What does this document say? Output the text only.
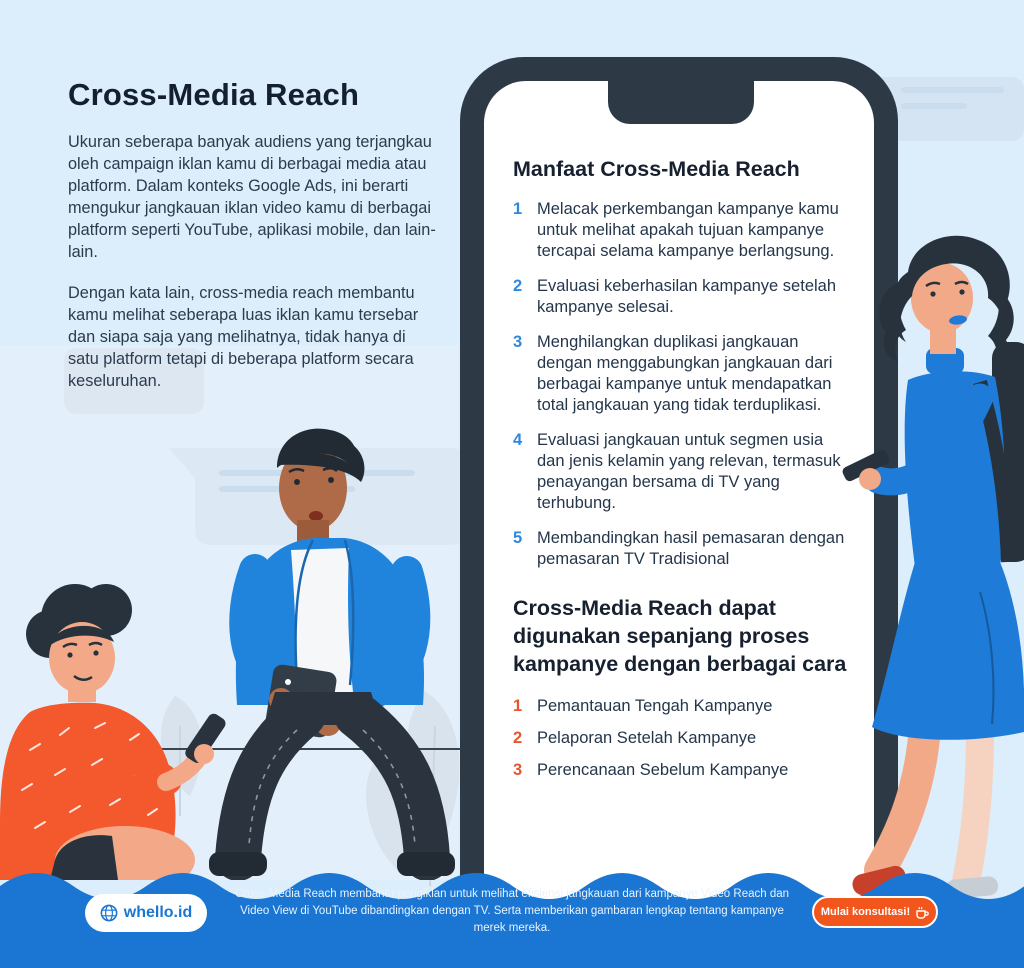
Cross-Media Reach

Ukuran seberapa banyak audiens yang terjangkau oleh campaign iklan kamu di berbagai media atau platform. Dalam konteks Google Ads, ini berarti mengukur jangkauan iklan video kamu di berbagai platform seperti YouTube, aplikasi mobile, dan lain-lain.

Dengan kata lain, cross-media reach membantu kamu melihat seberapa luas iklan kamu tersebar dan siapa saja yang melihatnya, tidak hanya di satu platform tetapi di beberapa platform secara keseluruhan.

Manfaat Cross-Media Reach
1 Melacak perkembangan kampanye kamu untuk melihat apakah tujuan kampanye tercapai selama kampanye berlangsung.
2 Evaluasi keberhasilan kampanye setelah kampanye selesai.
3 Menghilangkan duplikasi jangkauan dengan menggabungkan jangkauan dari berbagai kampanye untuk mendapatkan total jangkauan yang tidak terduplikasi.
4 Evaluasi jangkauan untuk segmen usia dan jenis kelamin yang relevan, termasuk penayangan bersama di TV yang terhubung.
5 Membandingkan hasil pemasaran dengan pemasaran TV Tradisional
Cross-Media Reach dapat digunakan sepanjang proses kampanye dengan berbagai cara
1 Pemantauan Tengah Kampanye
2 Pelaporan Setelah Kampanye
3 Perencanaan Sebelum Kampanye
whello.id
Cross-Media Reach membantu pengiklan untuk melihat efisiensi jangkauan dari kampanye Video Reach dan Video View di YouTube dibandingkan dengan TV. Serta memberikan gambaran lengkap tentang kampanye merek mereka.
Mulai konsultasi!
